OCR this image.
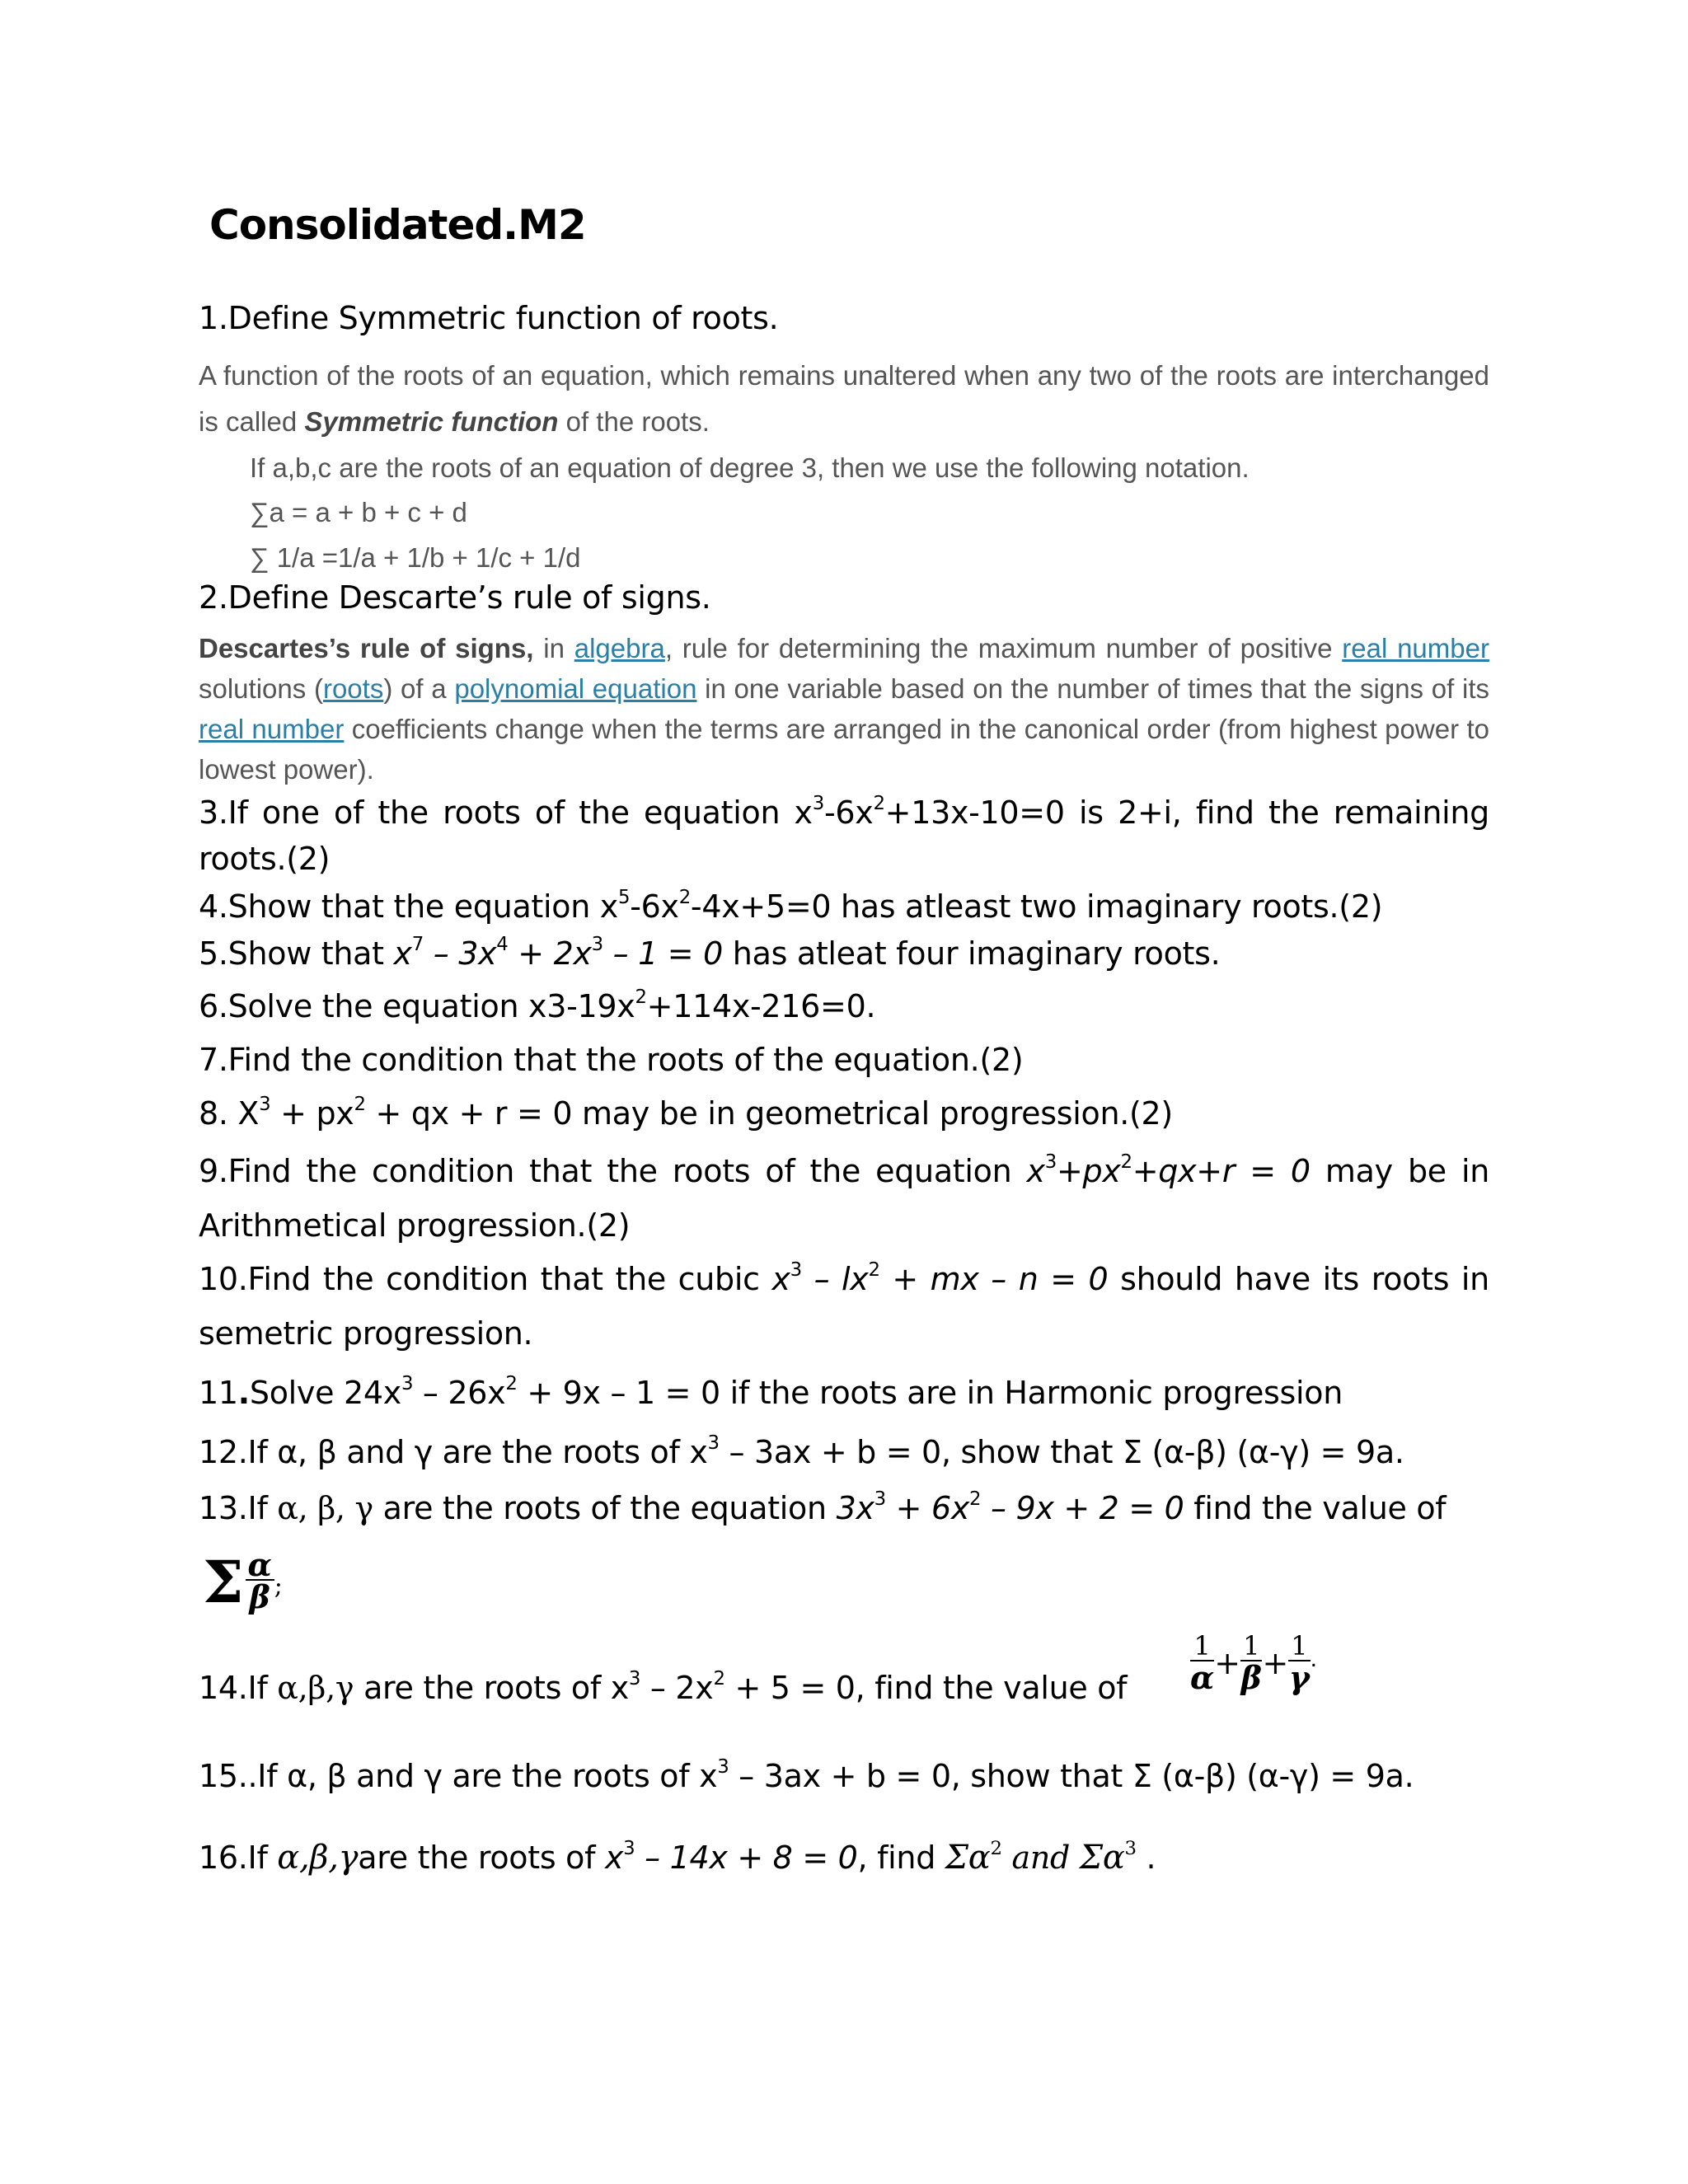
Consolidated.M2
1.Define Symmetric function of roots.
A function of the roots of an equation, which remains unaltered when any two of the roots are interchanged is called Symmetric function of the roots.
If a,b,c are the roots of an equation of degree 3, then we use the following notation.
∑a = a + b + c + d
∑ 1/a =1/a + 1/b + 1/c + 1/d
2.Define Descarte’s rule of signs.
Descartes’s rule of signs, in algebra, rule for determining the maximum number of positive real number solutions (roots) of a polynomial equation in one variable based on the number of times that the signs of its real number coefficients change when the terms are arranged in the canonical order (from highest power to lowest power).
3.If one of the roots of the equation $x^3-6x^2+13x-10=0$ is 2+i, find the remaining roots.(2)
4.Show that the equation $x^5-6x^2-4x+5=0$ has atleast two imaginary roots.(2)
5.Show that $x^7 - 3x^4 + 2x^3 - 1 = 0$ has atleat four imaginary roots.
6.Solve the equation $x3-19x^2+114x-216=0$.
7.Find the condition that the roots of the equation.(2)
8. $X^3 + px^2$ + qx + r = 0 may be in geometrical progression.(2)
9.Find the condition that the roots of the equation $x^3+px^2+qx+r = 0$ may be in Arithmetical progression.(2)
10.Find the condition that the cubic $x^3 - lx^2$ + mx – n = 0 should have its roots in semetric progression.
11.Solve $24x^3 - 26x^2 + 9x - 1 = 0$ if the roots are in Harmonic progression
12.If α, β and γ are the roots of $x^3 - 3ax + b = 0$, show that Σ (α-β) (α-γ) = 9a.
13.If α, β, γ are the roots of the equation $3x^3 + 6x^2 - 9x + 2 = 0$ find the value of
Σ $\frac{\alpha}{\beta}$ ;
14.If α,β,γ are the roots of $x^3 - 2x^2 + 5 = 0$, find the value of $\frac{1}{\alpha} + \frac{1}{\beta} + \frac{1}{\gamma}$ .
15..If α, β and γ are the roots of $x^3 - 3ax + b = 0$, show that Σ (α-β) (α-γ) = 9a.
16.If α,β,γare the roots of $x^3 - 14x + 8 = 0$, find $\Sigma\alpha^2$ and $\Sigma\alpha^3$ .
